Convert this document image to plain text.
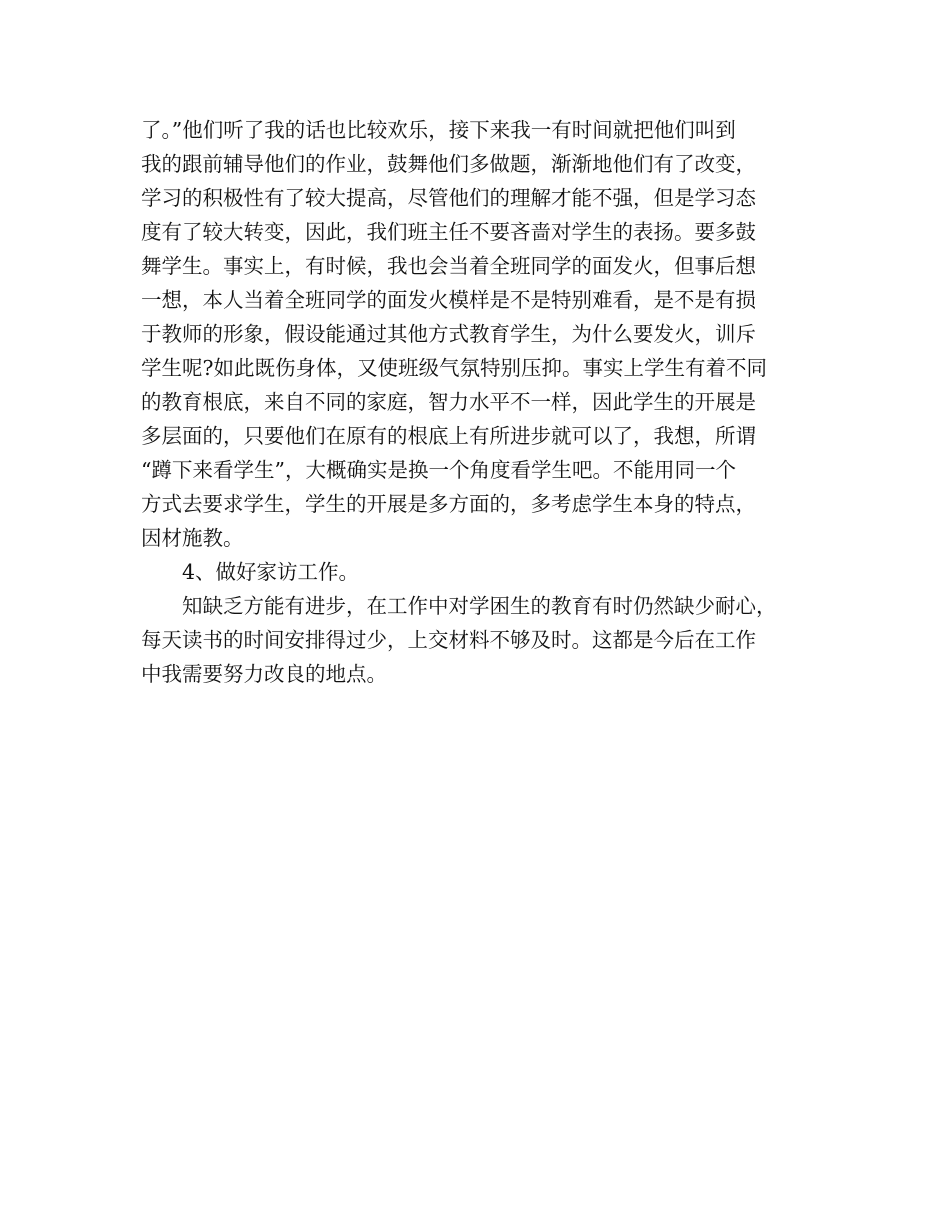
了。”他们听了我的话也比较欢乐，接下来我一有时间就把他们叫到
我的跟前辅导他们的作业，鼓舞他们多做题，渐渐地他们有了改变，
学习的积极性有了较大提高，尽管他们的理解才能不强，但是学习态
度有了较大转变，因此，我们班主任不要吝啬对学生的表扬。要多鼓
舞学生。事实上，有时候，我也会当着全班同学的面发火，但事后想
一想，本人当着全班同学的面发火模样是不是特别难看，是不是有损
于教师的形象，假设能通过其他方式教育学生，为什么要发火，训斥
学生呢?如此既伤身体，又使班级气氛特别压抑。事实上学生有着不同
的教育根底，来自不同的家庭，智力水平不一样，因此学生的开展是
多层面的，只要他们在原有的根底上有所进步就可以了，我想，所谓
“蹲下来看学生”，大概确实是换一个角度看学生吧。不能用同一个
方式去要求学生，学生的开展是多方面的，多考虑学生本身的特点，
因材施教。
4、做好家访工作。
知缺乏方能有进步，在工作中对学困生的教育有时仍然缺少耐心，
每天读书的时间安排得过少，上交材料不够及时。这都是今后在工作
中我需要努力改良的地点。
